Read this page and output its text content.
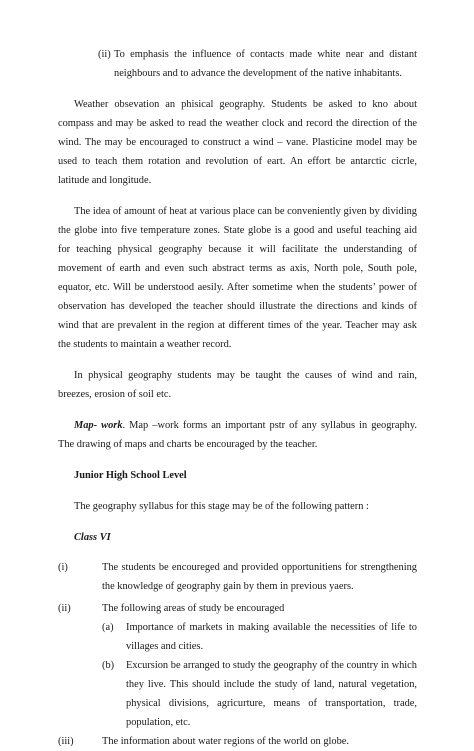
(ii) To emphasis the influence of contacts made white near and distant neighbours and to advance the development of the native inhabitants.

Weather obsevation an phisical geography. Students be asked to kno about compass and may be asked to read the weather clock and record the direction of the wind. The may be encouraged to construct a wind – vane. Plasticine model may be used to teach them rotation and revolution of eart. An effort be antarctic cicrle, latitude and longitude.

The idea of amount of heat at various place can be conveniently given by dividing the globe into five temperature zones. State globe is a good and useful teaching aid for teaching physical geography because it will facilitate the understanding of movement of earth and even such abstract terms as axis, North pole, South pole, equator, etc. Will be understood aesily. After sometime when the students’ power of observation has developed the teacher should illustrate the directions and kinds of wind that are prevalent in the region at different times of the year. Teacher may ask the students to maintain a weather record.

In physical geography students may be taught the causes of wind and rain, breezes, erosion of soil etc.

Map- work. Map –work forms an important pstr of any syllabus in geography. The drawing of maps and charts be encouraged by the teacher.

Junior High School Level
The geography syllabus for this stage may be of the following pattern :
Class VI
(i)	The students be encoureged and provided opportunitiens for strengthening the knowledge of geography gain by them in previous yaers.

(ii)	The following areas of study be encouraged

(a) Importance of markets in making available the necessities of life to villages and cities.

(b) Excursion be arranged to study the geography of the country in which they live. This should include the study of land, natural vegetation, physical divisions, agricurture, means of transportation, trade, population, etc.

(iii)	The information about water regions of the world on globe.
